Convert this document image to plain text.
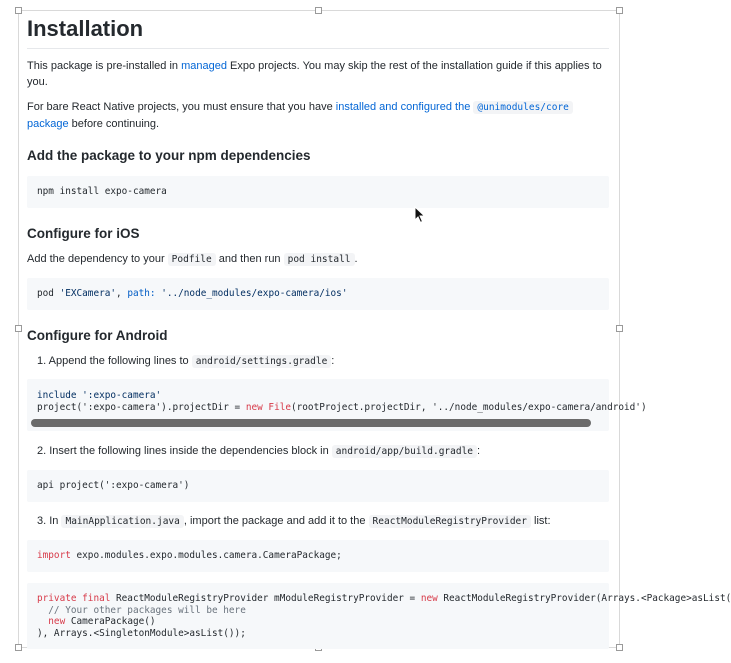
Installation

This package is pre-installed in managed Expo projects. You may skip the rest of the installation guide if this applies to you.

For bare React Native projects, you must ensure that you have installed and configured the @unimodules/core package before continuing.

Add the package to your npm dependencies
npm install expo-camera
Configure for iOS

Add the dependency to your Podfile and then run pod install .

pod 'EXCamera', path: '../node_modules/expo-camera/ios'
Configure for Android

1. Append the following lines to android/settings.gradle :

include ':expo-camera'
project(':expo-camera').projectDir = new File(rootProject.projectDir, '../node_modules/expo-camera/android')

2. Insert the following lines inside the dependencies block in android/app/build.gradle :

api project(':expo-camera')

3. In MainApplication.java , import the package and add it to the ReactModuleRegistryProvider list:

import expo.modules.expo.modules.camera.CameraPackage;
private final ReactModuleRegistryProvider mModuleRegistryProvider = new ReactModuleRegistryProvider(Arrays.<Package>asList(
// Your other packages will be here
new CameraPackage()
), Arrays.<SingletonModule>asList());
